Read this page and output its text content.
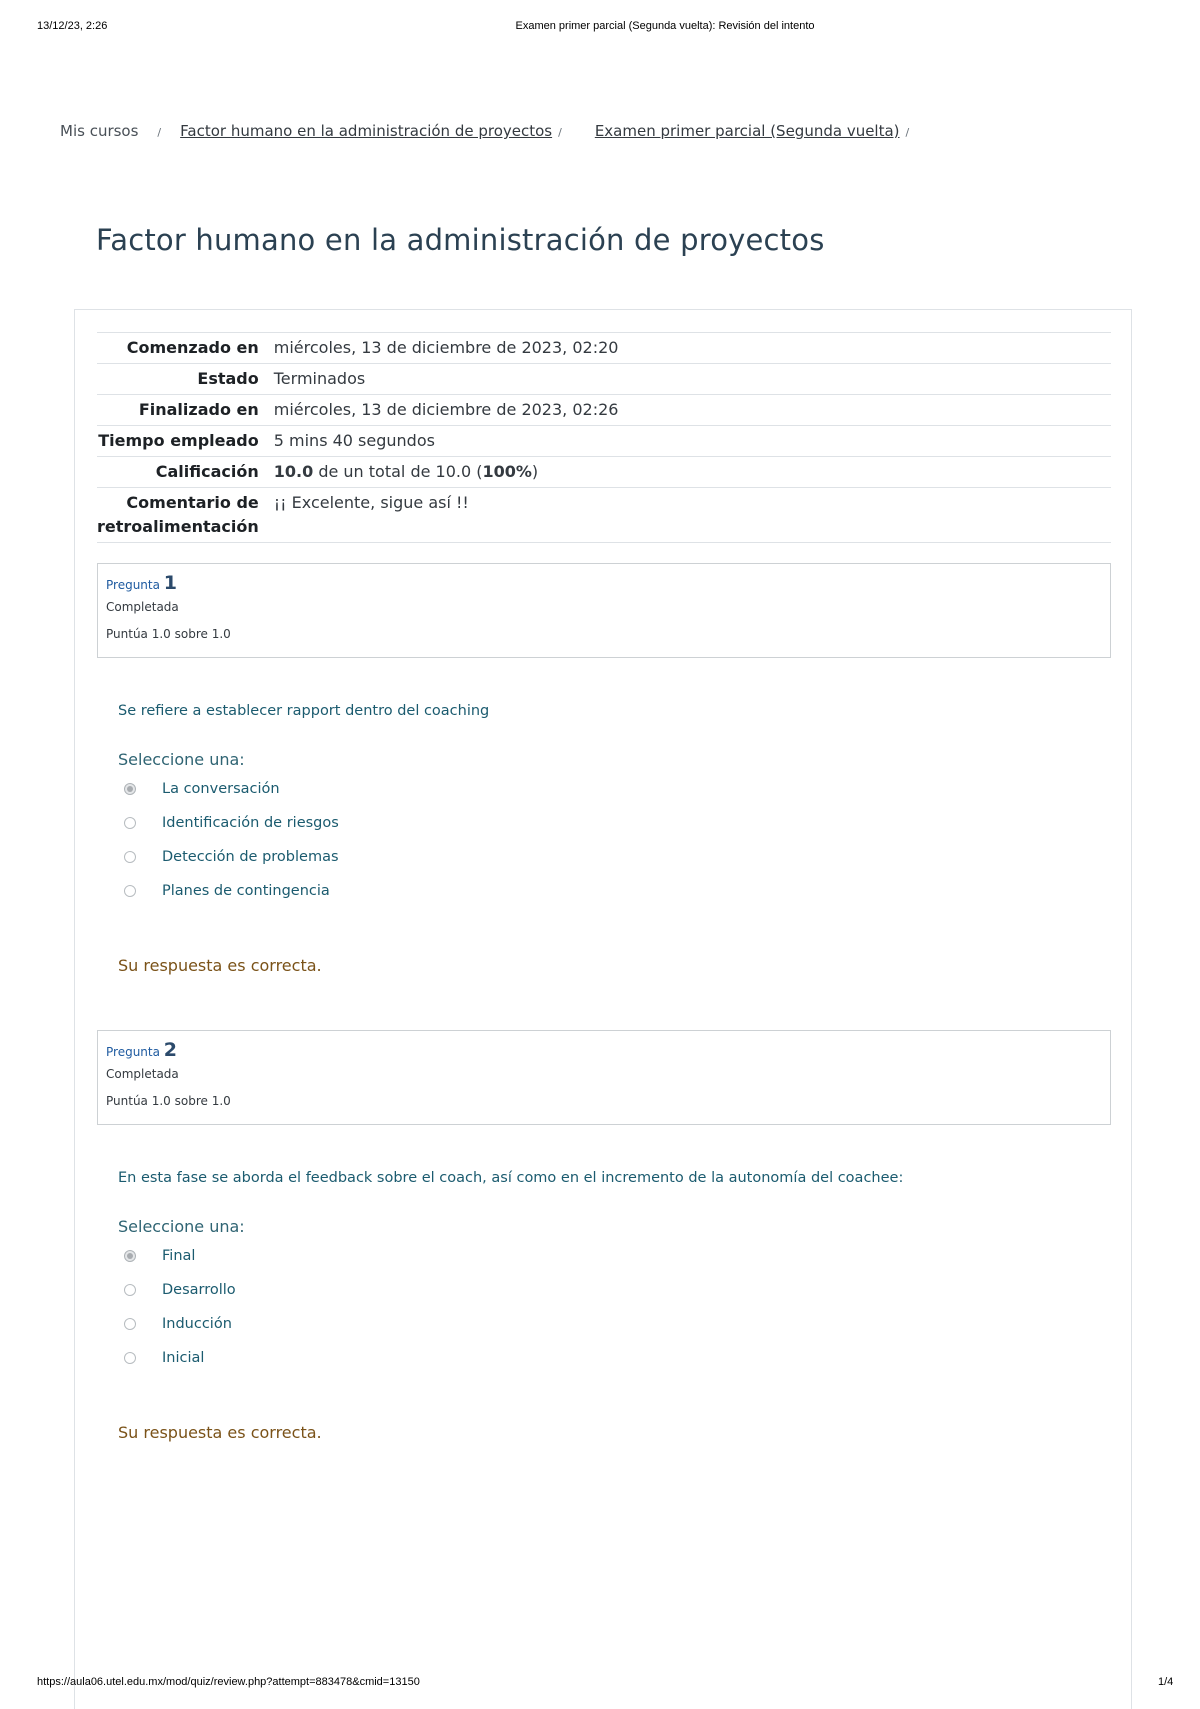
13/12/23, 2:26	Examen primer parcial (Segunda vuelta): Revisión del intento
Mis cursos / Factor humano en la administración de proyectos / Examen primer parcial (Segunda vuelta) /
Factor humano en la administración de proyectos
Comenzado en	miércoles, 13 de diciembre de 2023, 02:20
Estado	Terminados
Finalizado en	miércoles, 13 de diciembre de 2023, 02:26
Tiempo empleado	5 mins 40 segundos
Calificación	10.0 de un total de 10.0 (100%)
Comentario de retroalimentación	¡¡ Excelente, sigue así !!
Pregunta 1
Completada
Puntúa 1.0 sobre 1.0
Se refiere a establecer rapport dentro del coaching
Seleccione una:
La conversación
Identificación de riesgos
Detección de problemas
Planes de contingencia
Su respuesta es correcta.
Pregunta 2
Completada
Puntúa 1.0 sobre 1.0
En esta fase se aborda el feedback sobre el coach, así como en el incremento de la autonomía del coachee:
Seleccione una:
Final
Desarrollo
Inducción
Inicial
Su respuesta es correcta.
https://aula06.utel.edu.mx/mod/quiz/review.php?attempt=883478&cmid=13150	1/4
